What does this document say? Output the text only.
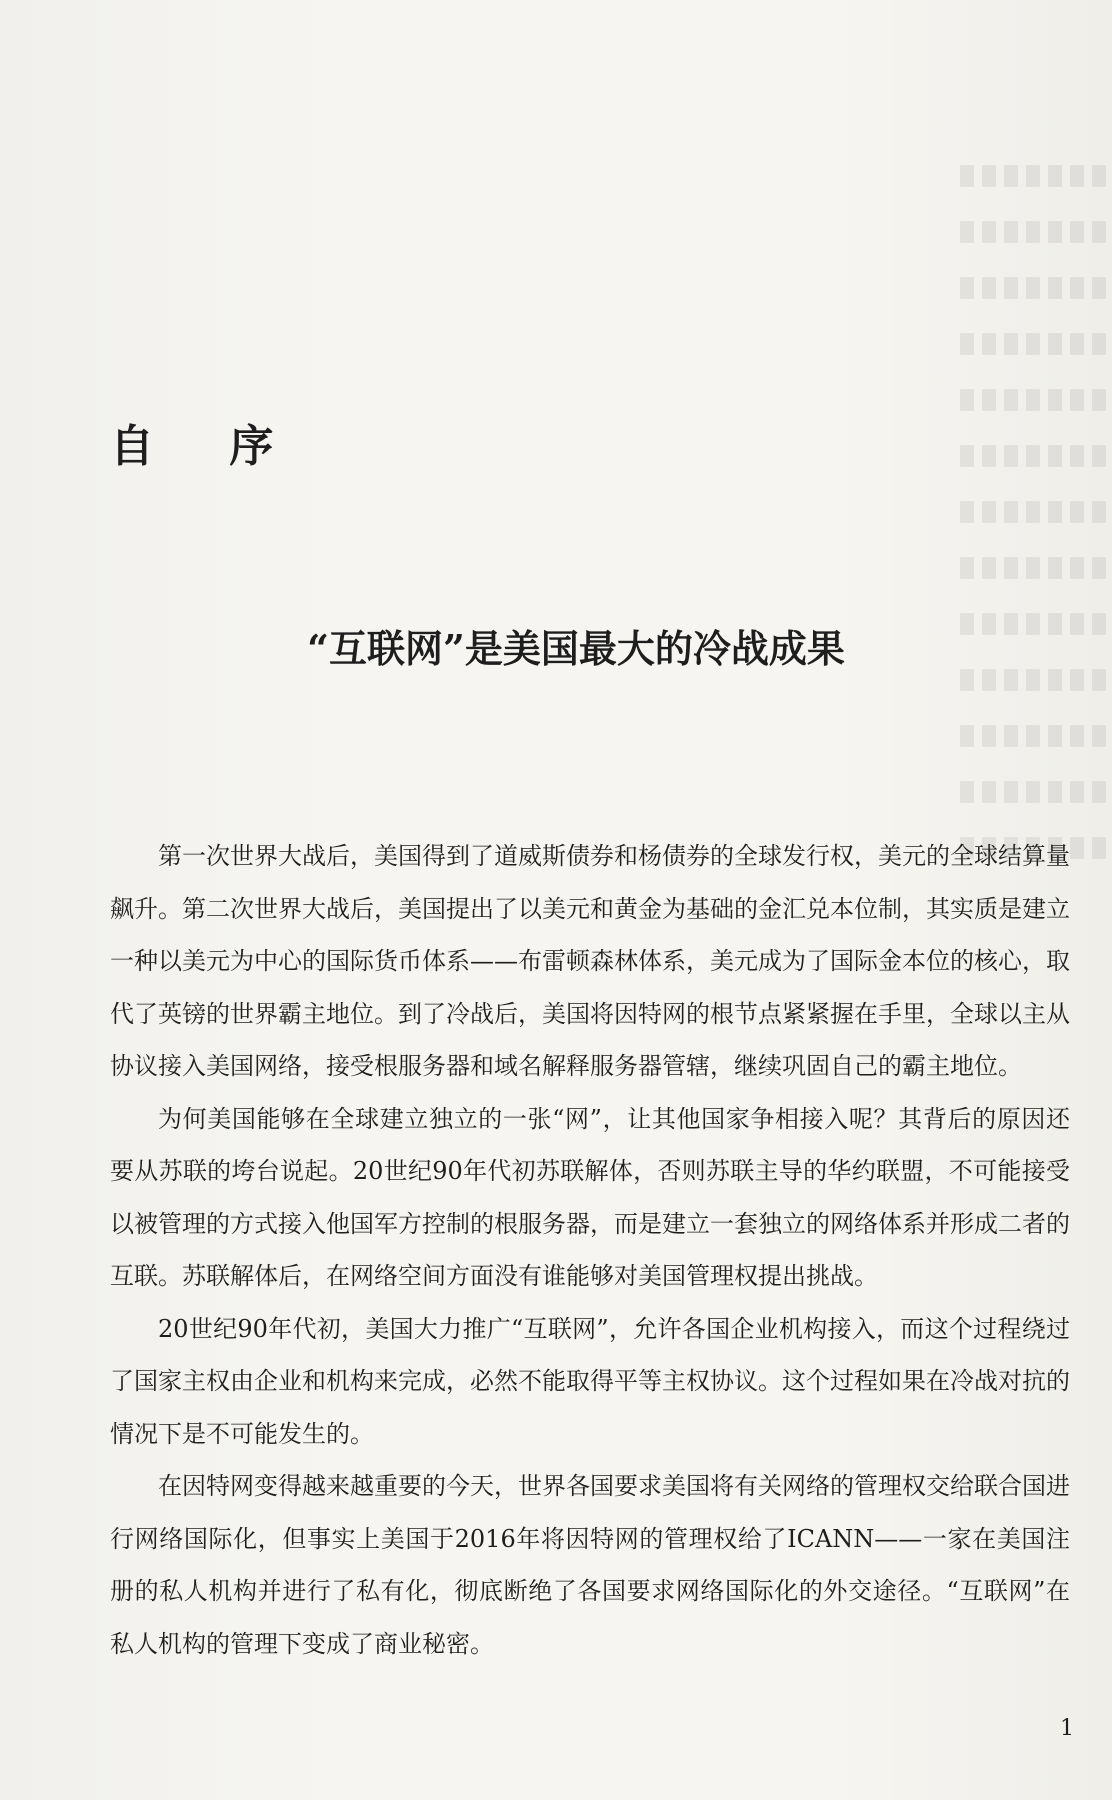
自 序
“互联网”是美国最大的冷战成果

第一次世界大战后，美国得到了道威斯债券和杨债券的全球发行权，美元的全球结算量飙升。第二次世界大战后，美国提出了以美元和黄金为基础的金汇兑本位制，其实质是建立一种以美元为中心的国际货币体系——布雷顿森林体系，美元成为了国际金本位的核心，取代了英镑的世界霸主地位。到了冷战后，美国将因特网的根节点紧紧握在手里，全球以主从协议接入美国网络，接受根服务器和域名解释服务器管辖，继续巩固自己的霸主地位。

为何美国能够在全球建立独立的一张“网”，让其他国家争相接入呢？其背后的原因还要从苏联的垮台说起。20世纪90年代初苏联解体，否则苏联主导的华约联盟，不可能接受以被管理的方式接入他国军方控制的根服务器，而是建立一套独立的网络体系并形成二者的互联。苏联解体后，在网络空间方面没有谁能够对美国管理权提出挑战。

20世纪90年代初，美国大力推广“互联网”，允许各国企业机构接入，而这个过程绕过了国家主权由企业和机构来完成，必然不能取得平等主权协议。这个过程如果在冷战对抗的情况下是不可能发生的。

在因特网变得越来越重要的今天，世界各国要求美国将有关网络的管理权交给联合国进行网络国际化，但事实上美国于2016年将因特网的管理权给了ICANN——一家在美国注册的私人机构并进行了私有化，彻底断绝了各国要求网络国际化的外交途径。“互联网”在私人机构的管理下变成了商业秘密。

1
